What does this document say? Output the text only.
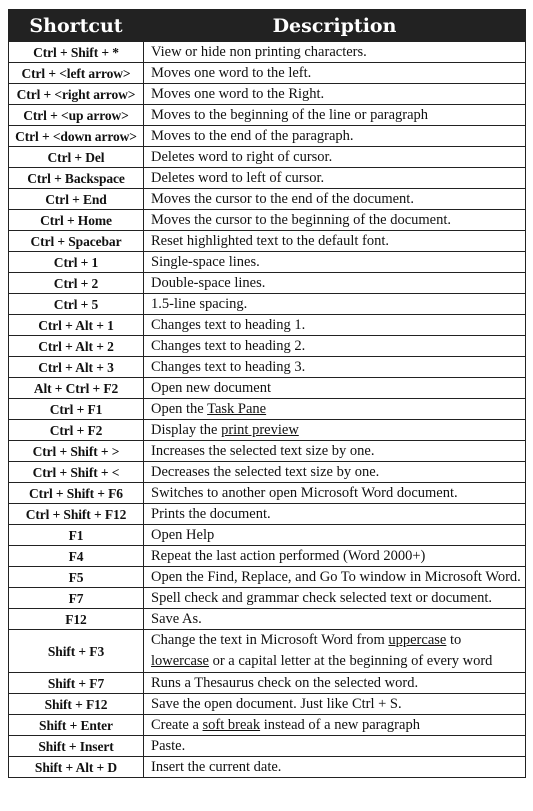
Shortcut	Description
Ctrl + Shift + *	View or hide non printing characters.
Ctrl + <left arrow>	Moves one word to the left.
Ctrl + <right arrow>	Moves one word to the Right.
Ctrl + <up arrow>	Moves to the beginning of the line or paragraph
Ctrl + <down arrow>	Moves to the end of the paragraph.
Ctrl + Del	Deletes word to right of cursor.
Ctrl + Backspace	Deletes word to left of cursor.
Ctrl + End	Moves the cursor to the end of the document.
Ctrl + Home	Moves the cursor to the beginning of the document.
Ctrl + Spacebar	Reset highlighted text to the default font.
Ctrl + 1	Single-space lines.
Ctrl + 2	Double-space lines.
Ctrl + 5	1.5-line spacing.
Ctrl + Alt + 1	Changes text to heading 1.
Ctrl + Alt + 2	Changes text to heading 2.
Ctrl + Alt + 3	Changes text to heading 3.
Alt + Ctrl + F2	Open new document
Ctrl + F1	Open the Task Pane
Ctrl + F2	Display the print preview
Ctrl + Shift + >	Increases the selected text size by one.
Ctrl + Shift + <	Decreases the selected text size by one.
Ctrl + Shift + F6	Switches to another open Microsoft Word document.
Ctrl + Shift + F12	Prints the document.
F1	Open Help
F4	Repeat the last action performed (Word 2000+)
F5	Open the Find, Replace, and Go To window in Microsoft Word.
F7	Spell check and grammar check selected text or document.
F12	Save As.
Shift + F3	Change the text in Microsoft Word from uppercase to
lowercase or a capital letter at the beginning of every word
Shift + F7	Runs a Thesaurus check on the selected word.
Shift + F12	Save the open document. Just like Ctrl + S.
Shift + Enter	Create a soft break instead of a new paragraph
Shift + Insert	Paste.
Shift + Alt + D	Insert the current date.
